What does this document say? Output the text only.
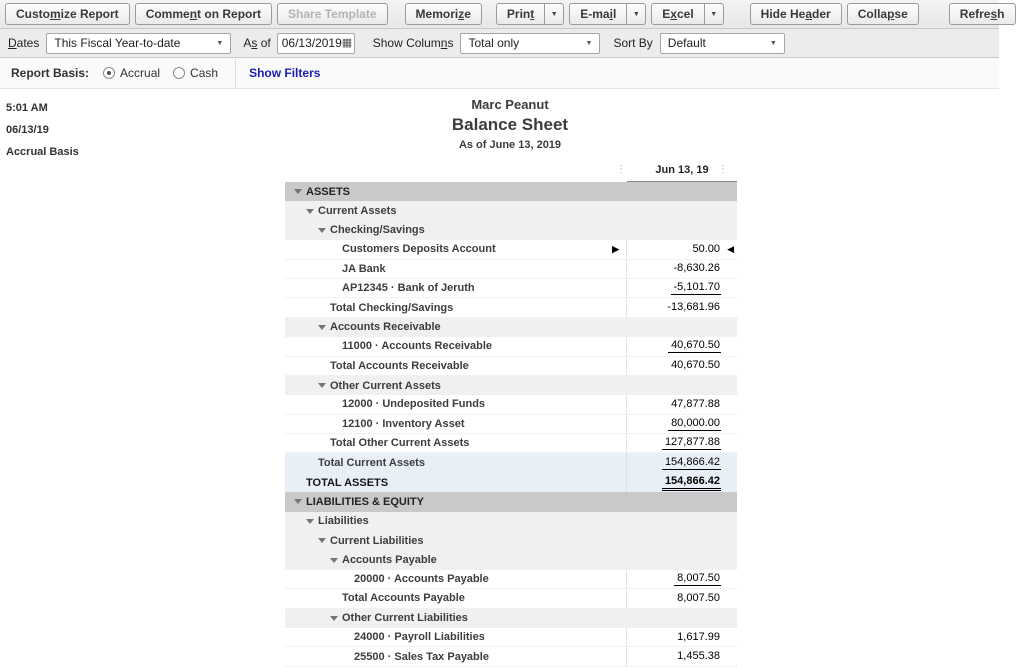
Custo m ize Report	Comme n t on Report	Share Template	Memori z e	Prin t	▼	E-ma i l	▼	E x cel	▼	Hide He a der	Colla p se	Refre s h
Dates This Fiscal Year-to-date	▼ As of 06/13/2019 ▦ Show Columns Total only	▼ Sort By Default	▼
Report Basis:	Accrual	Cash	Show Filters
5:01 AM
06/13/19
Accrual Basis
Marc Peanut
Balance Sheet
As of June 13, 2019
⋮	Jun 13, 19 ⋮
ASSETS
Current Assets
Checking/Savings
Customers Deposits Account	▶	50.00 ◀
JA Bank	-8,630.26
AP12345 · Bank of Jeruth	-5,101.70
Total Checking/Savings	-13,681.96
Accounts Receivable
11000 · Accounts Receivable	40,670.50
Total Accounts Receivable	40,670.50
Other Current Assets
12000 · Undeposited Funds	47,877.88
12100 · Inventory Asset	80,000.00
Total Other Current Assets	127,877.88
Total Current Assets	154,866.42
TOTAL ASSETS	154,866.42
LIABILITIES & EQUITY
Liabilities
Current Liabilities
Accounts Payable
20000 · Accounts Payable	8,007.50
Total Accounts Payable	8,007.50
Other Current Liabilities
24000 · Payroll Liabilities	1,617.99
25500 · Sales Tax Payable	1,455.38
